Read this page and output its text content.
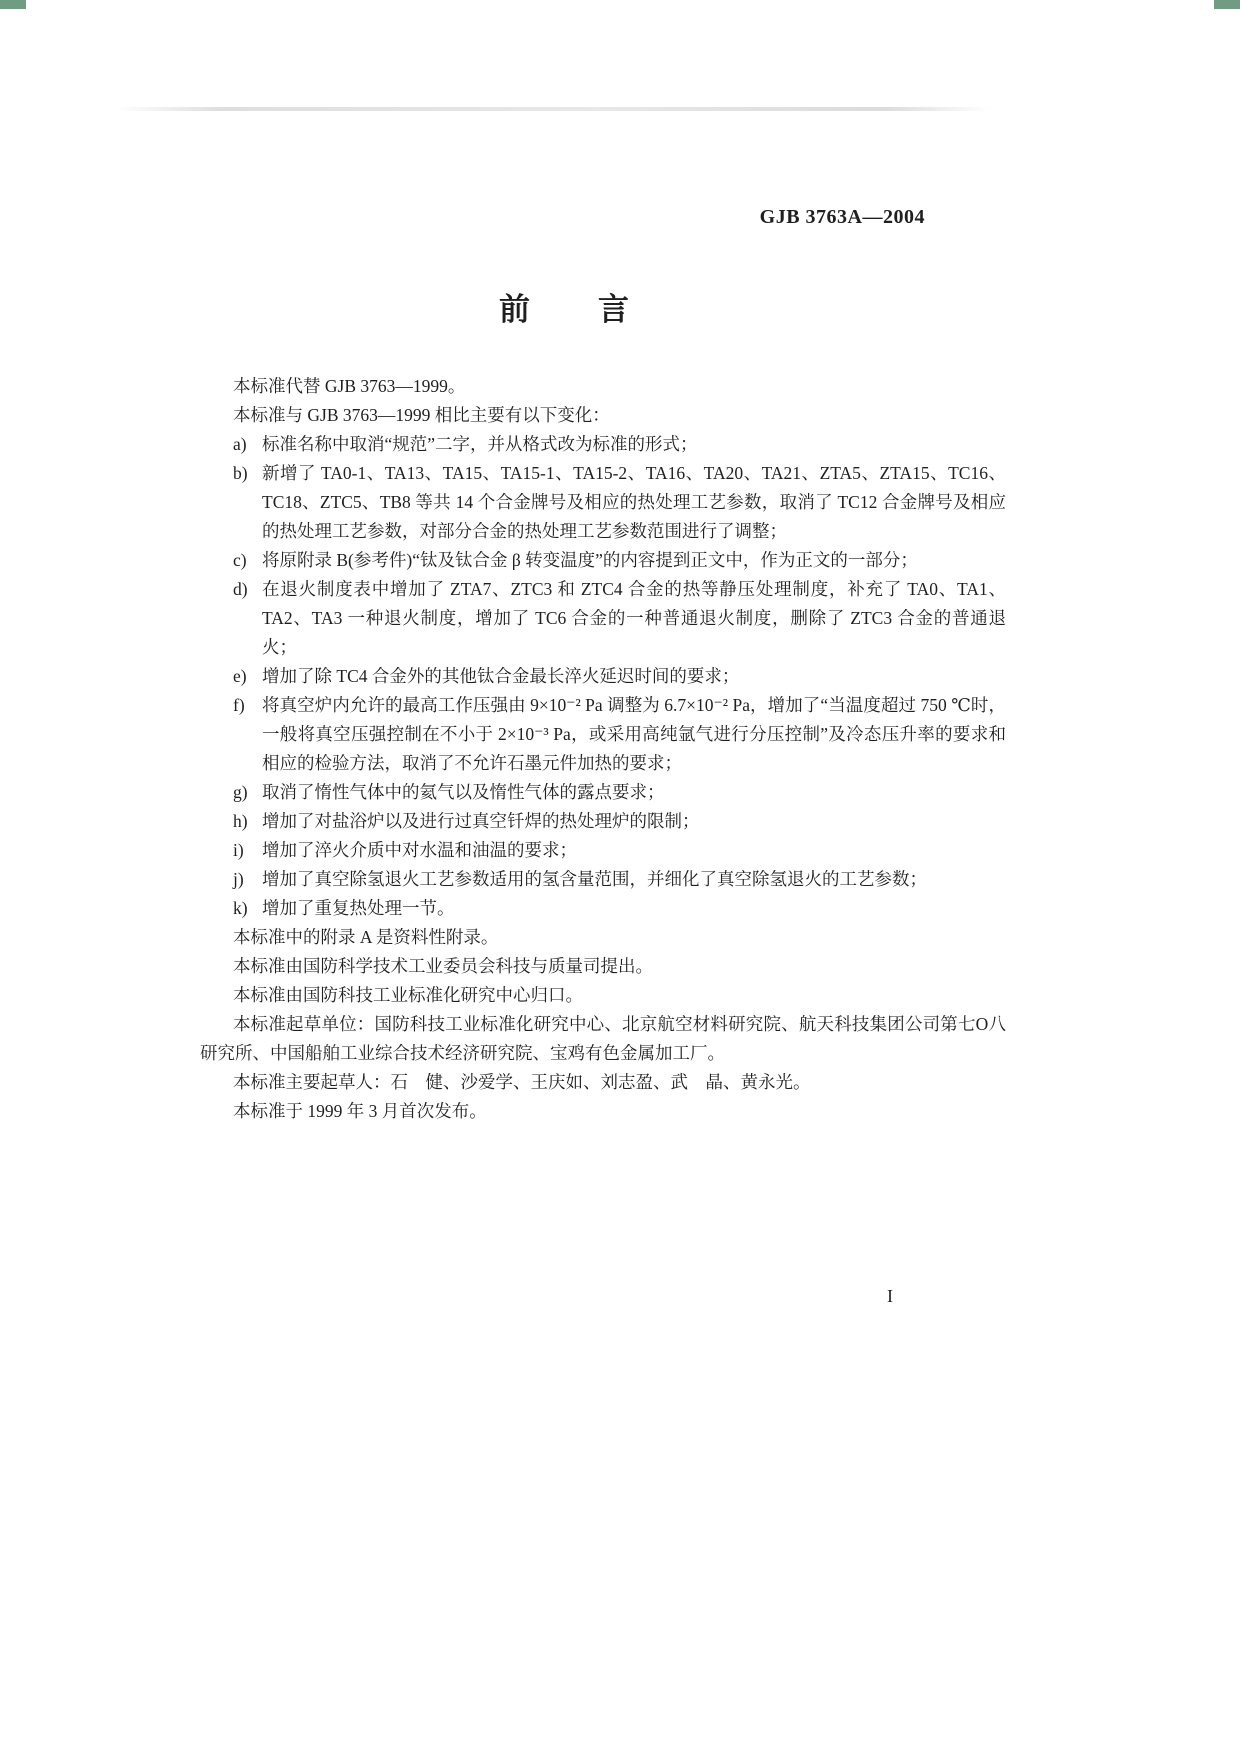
GJB 3763A—2004
前　　言

本标准代替 GJB 3763—1999。

本标准与 GJB 3763—1999 相比主要有以下变化：

a) 标准名称中取消“规范”二字，并从格式改为标准的形式；
b) 新增了 TA0-1、TA13、TA15、TA15-1、TA15-2、TA16、TA20、TA21、ZTA5、ZTA15、TC16、TC18、ZTC5、TB8 等共 14 个合金牌号及相应的热处理工艺参数，取消了 TC12 合金牌号及相应的热处理工艺参数，对部分合金的热处理工艺参数范围进行了调整；
c) 将原附录 B(参考件)“钛及钛合金 β 转变温度”的内容提到正文中，作为正文的一部分；
d) 在退火制度表中增加了 ZTA7、ZTC3 和 ZTC4 合金的热等静压处理制度，补充了 TA0、TA1、TA2、TA3 一种退火制度，增加了 TC6 合金的一种普通退火制度，删除了 ZTC3 合金的普通退火；
e) 增加了除 TC4 合金外的其他钛合金最长淬火延迟时间的要求；
f) 将真空炉内允许的最高工作压强由 9×10⁻² Pa 调整为 6.7×10⁻² Pa，增加了“当温度超过 750 ℃时，一般将真空压强控制在不小于 2×10⁻³ Pa，或采用高纯氩气进行分压控制”及冷态压升率的要求和相应的检验方法，取消了不允许石墨元件加热的要求；
g) 取消了惰性气体中的氦气以及惰性气体的露点要求；
h) 增加了对盐浴炉以及进行过真空钎焊的热处理炉的限制；
i) 增加了淬火介质中对水温和油温的要求；
j) 增加了真空除氢退火工艺参数适用的氢含量范围，并细化了真空除氢退火的工艺参数；
k) 增加了重复热处理一节。

本标准中的附录 A 是资料性附录。

本标准由国防科学技术工业委员会科技与质量司提出。

本标准由国防科技工业标准化研究中心归口。

本标准起草单位：国防科技工业标准化研究中心、北京航空材料研究院、航天科技集团公司第七O八研究所、中国船舶工业综合技术经济研究院、宝鸡有色金属加工厂。

本标准主要起草人：石　健、沙爱学、王庆如、刘志盈、武　晶、黄永光。

本标准于 1999 年 3 月首次发布。

I
